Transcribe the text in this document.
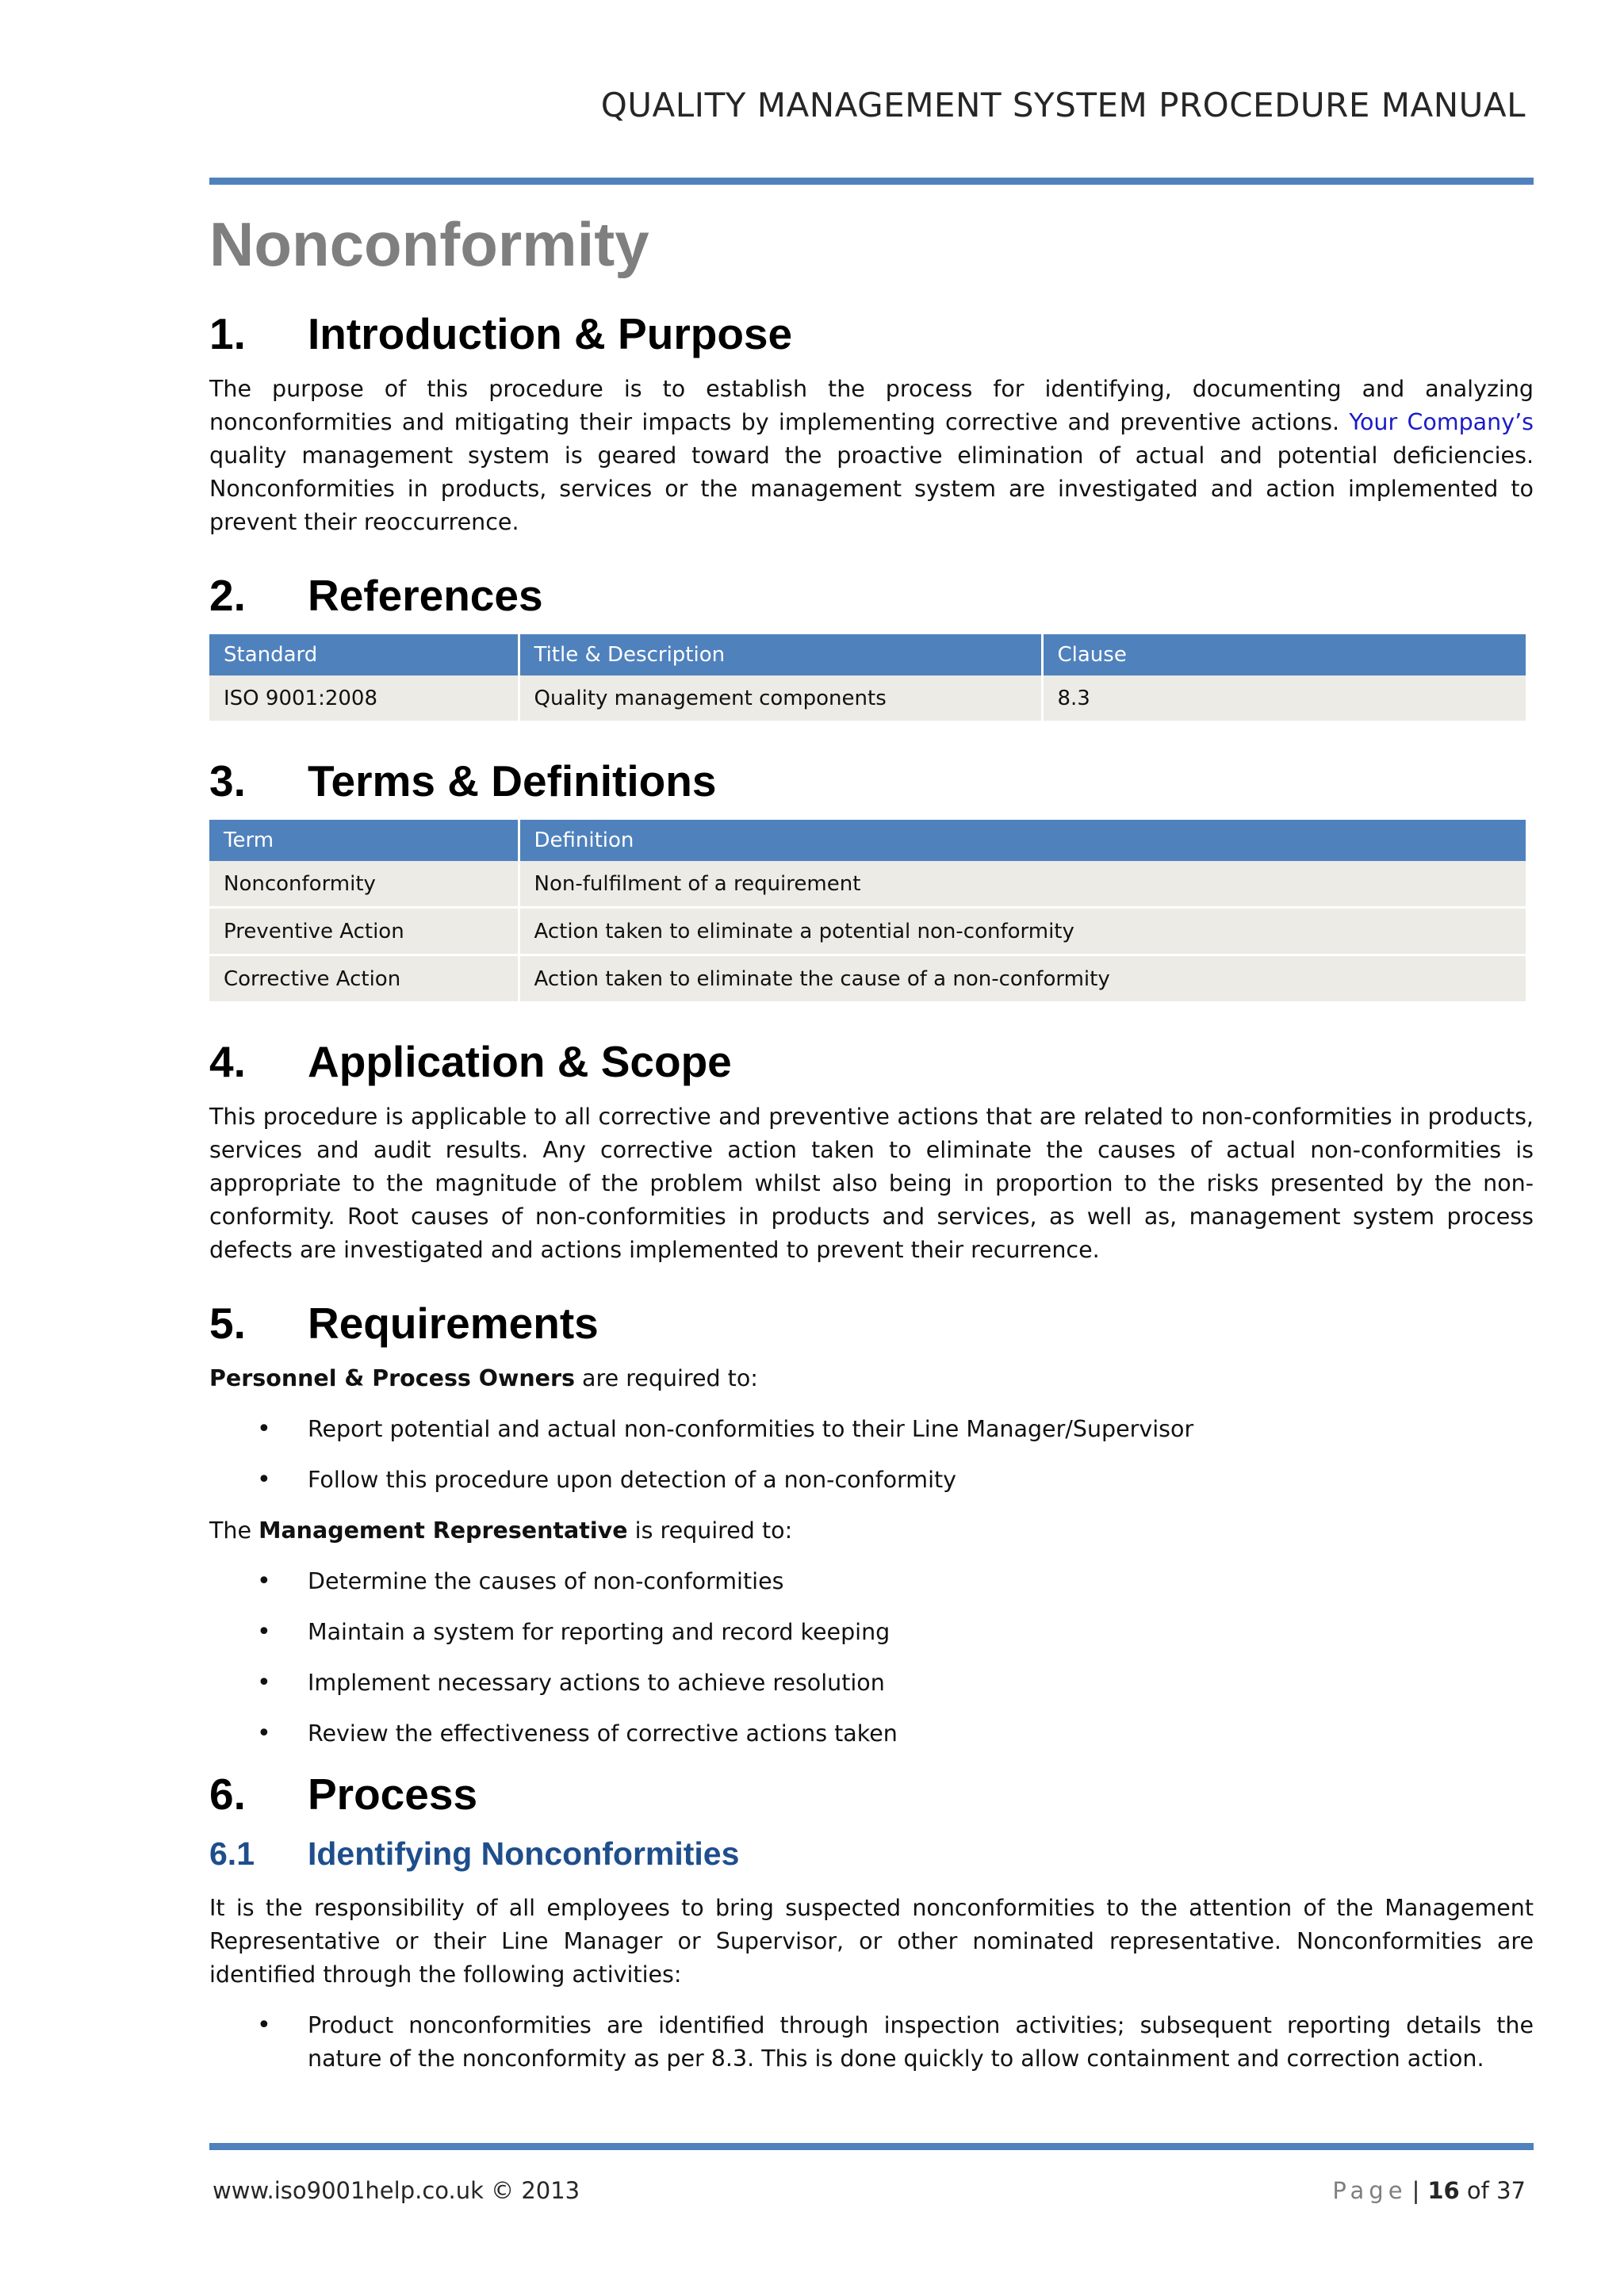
QUALITY MANAGEMENT SYSTEM PROCEDURE MANUAL
Nonconformity
1.	Introduction & Purpose

The purpose of this procedure is to establish the process for identifying, documenting and analyzing nonconformities and mitigating their impacts by implementing corrective and preventive actions. Your Company’s quality management system is geared toward the proactive elimination of actual and potential deficiencies. Nonconformities in products, services or the management system are investigated and action implemented to prevent their reoccurrence.

2.	References
Standard	Title & Description	Clause
ISO 9001:2008	Quality management components	8.3
3.	Terms & Definitions
Term	Definition
Nonconformity	Non-fulfilment of a requirement
Preventive Action	Action taken to eliminate a potential non-conformity
Corrective Action	Action taken to eliminate the cause of a non-conformity
4.	Application & Scope

This procedure is applicable to all corrective and preventive actions that are related to non-conformities in products, services and audit results. Any corrective action taken to eliminate the causes of actual non-conformities is appropriate to the magnitude of the problem whilst also being in proportion to the risks presented by the non-conformity. Root causes of non-conformities in products and services, as well as, management system process defects are investigated and actions implemented to prevent their recurrence.

5.	Requirements
Personnel & Process Owners are required to:
•	Report potential and actual non-conformities to their Line Manager/Supervisor
•	Follow this procedure upon detection of a non-conformity
The Management Representative is required to:
•	Determine the causes of non-conformities
•	Maintain a system for reporting and record keeping
•	Implement necessary actions to achieve resolution
•	Review the effectiveness of corrective actions taken
6.	Process
6.1	Identifying Nonconformities

It is the responsibility of all employees to bring suspected nonconformities to the attention of the Management Representative or their Line Manager or Supervisor, or other nominated representative. Nonconformities are identified through the following activities:

•	Product nonconformities are identified through inspection activities; subsequent reporting details the nature of the nonconformity as per 8.3. This is done quickly to allow containment and correction action.
www.iso9001help.co.uk © 2013	Page | 16 of 37
